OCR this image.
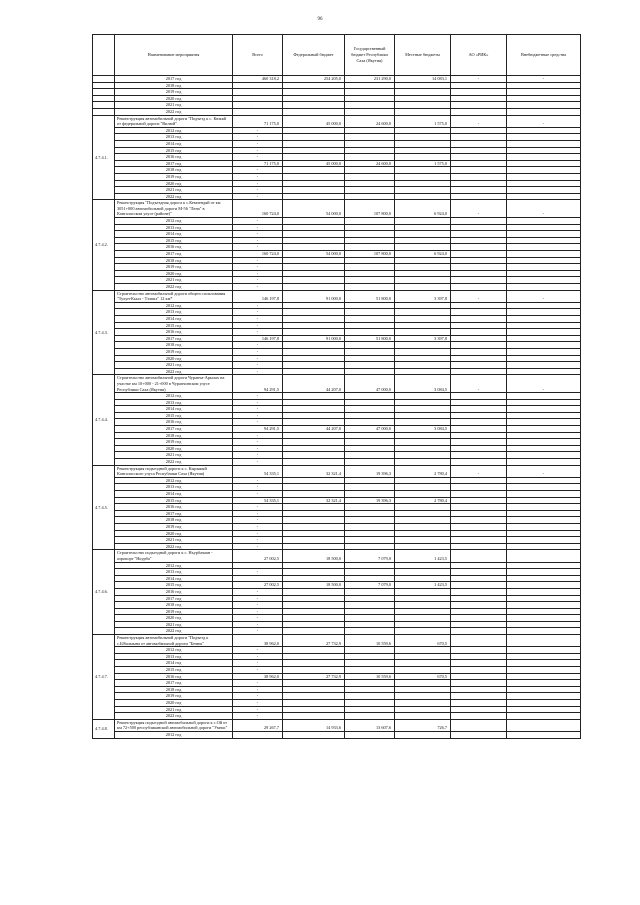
96
	Наименование мероприятия	Всего	Федеральный бюджет	Государственный бюджет Республики Саха (Якутия)	Местные бюджеты	АО «РИК»	Внебюджетные средства
	2017 год	460 318,2	254 205,0	231 290,0	14 083,1	-	-
	2018 год						
	2019 год						
	2020 год						
	2021 год						
	2022 год						
4.7.4.1.	Реконструкция автомобильной дороги "Подъезд к с. Кюкяй от федеральной дороги "Вилюй"	71 175,0	45 000,0	24 600,0	1 575,0	-	-
	2012 год	-					
	2013 год	-					
	2014 год	-					
	2015 год	-					
	2016 год	-					
	2017 год	71 175,0	45 000,0	24 600,0	1 575,0		
	2018 год	-					
	2019 год	-					
	2020 год	-					
	2021 год	-					
	2022 год	-					
4.7.4.2.	Реконструкция "Подъездная дорога к с.Кемпендяй от км 3051+000 автомобильной дороги М-56 "Лена" в Кангаласском улусе (районе)"	160 724,0	54 000,0	107 800,0	6 924,0	-	-
	2012 год	-					
	2013 год	-					
	2014 год	-					
	2015 год	-					
	2016 год	-					
	2017 год	160 724,0	54 000,0	107 800,0	6 924,0		
	2018 год	-					
	2019 год	-					
	2020 год	-					
	2021 год	-					
	2022 год	-					
4.7.4.3.	Строительство автомобильной дороги общего пользования "Тулун-Кьыл - Тэликэ" 12 км*	146 197,8	91 000,0	51 800,0	3 397,8	-	-
	2012 год	-					
	2013 год	-					
	2014 год	-					
	2015 год	-					
	2016 год	-					
	2017 год	146 197,8	91 000,0	51 800,0	3 397,8		
	2018 год	-					
	2019 год	-					
	2020 год	-					
	2021 год	-					
	2022 год	-					
4.7.4.4.	Строительство автомобильной дороги Чурапча-Арылах на участке км 10+000 - 21+000 в Чурапчинском улусе Республики Саха (Якутия)	94 291,5	44 207,0	47 000,0	3 084,5	-	-
	2012 год	-					
	2013 год	-					
	2014 год	-					
	2015 год	-					
	2016 год	-					
	2017 год	94 291,5	44 207,0	47 000,0	3 084,5		
	2018 год	-					
	2019 год	-					
	2020 год	-					
	2021 год	-					
	2022 год	-					
4.7.4.5.	Реконструкция подъездной дороги к с. Кырыкый Кангаласского улуса Республики Саха (Якутия)	54 335,1	32 321,4	19 396,3	2 780,4	-	-
	2012 год	-					
	2013 год	-					
	2014 год	-					
	2015 год	54 335,1	32 321,4	19 396,3	2 780,4		
	2016 год	-					
	2017 год	-					
	2018 год	-					
	2019 год	-					
	2020 год	-					
	2021 год	-					
	2022 год	-					
4.7.4.6.	Строительство подъездной дороги к с. Ньурбачаан - аэропорт "Ньурба"	27 002,5	18 500,0	7 079,0	1 423,5		
	2012 год						
	2013 год	-					
	2014 год						
	2015 год	27 002,5	18 500,0	7 079,0	1 423,5		
	2016 год	-					
	2017 год	-					
	2018 год	-					
	2019 год	-					
	2020 год	-					
	2021 год	-					
	2022 год	-					
4.7.4.7.	Реконструкция автомобильной дороги "Подъезд к с.Ыбалыына от автомобильной дороги "Бечюк"	38 962,0	27 732,9	10 559,6	670,5		
	2012 год	-					
	2013 год	-					
	2014 год	-					
	2015 год	-					
	2016 год	38 962,0	27 732,9	10 559,6	670,5		
	2017 год	-					
	2018 год	-					
	2019 год	-					
	2020 год	-					
	2021 год	-					
	2022 год	-					
4.7.4.8.	Реконструкция подъездной автомобильной дороги к с.Ой от км 72+500 республиканской автомобильной дороги "Умнас"	29 267,7	14 933,6	13 607,6	726,7		
	2012 год						
